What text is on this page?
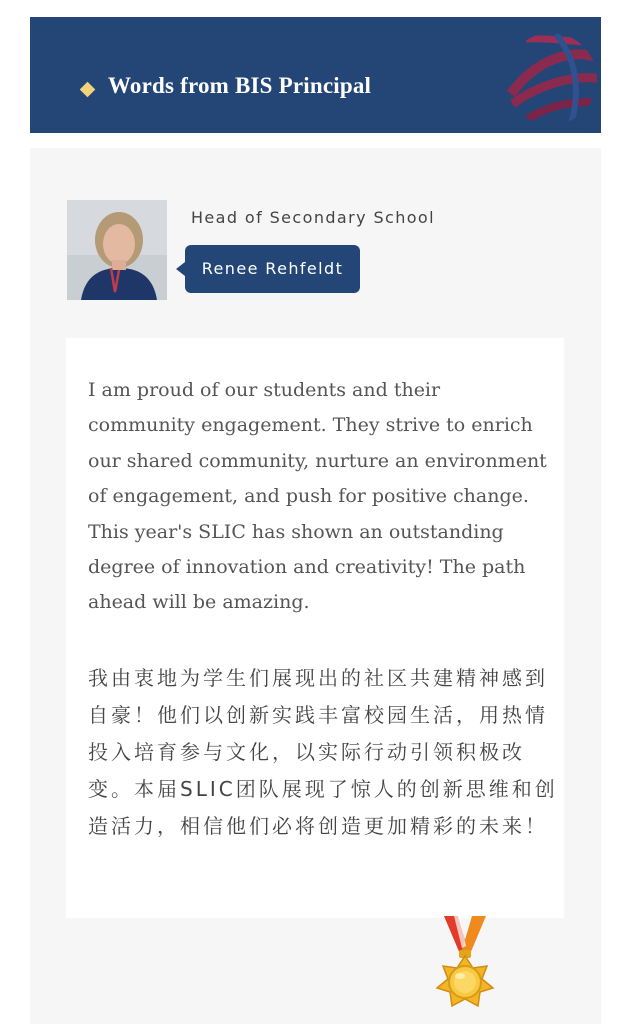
Words from BIS Principal
Head of Secondary School
Renee Rehfeldt

I am proud of our students and their community engagement. They strive to enrich our shared community, nurture an environment of engagement, and push for positive change. This year's SLIC has shown an outstanding degree of innovation and creativity! The path ahead will be amazing.

我由衷地为学生们展现出的社区共建精神感到自豪！他们以创新实践丰富校园生活，用热情投入培育参与文化，以实际行动引领积极改变。本届SLIC团队展现了惊人的创新思维和创造活力，相信他们必将创造更加精彩的未来！
